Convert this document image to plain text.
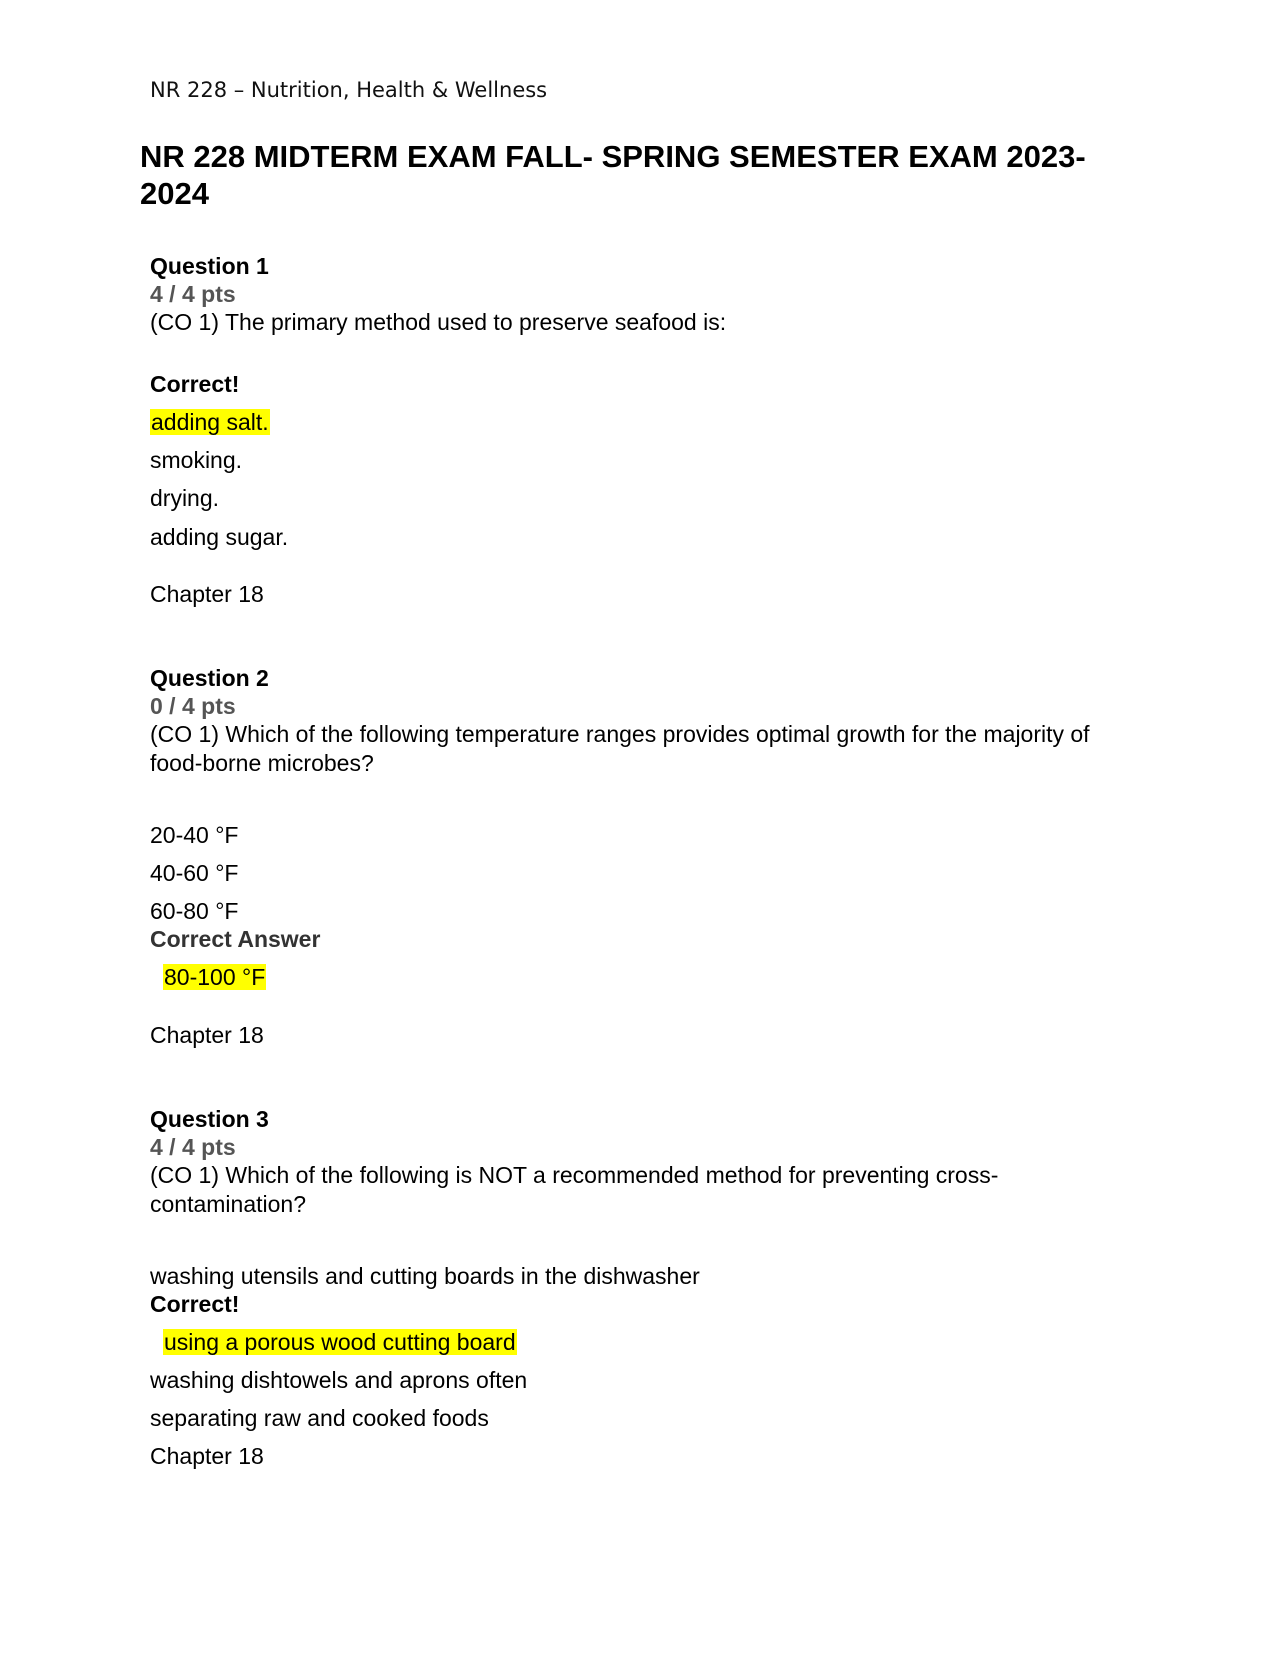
NR 228 – Nutrition, Health & Wellness
NR 228 MIDTERM EXAM FALL- SPRING SEMESTER EXAM 2023-2024
Question 1
4 / 4 pts
(CO 1) The primary method used to preserve seafood is:
Correct!
adding salt.
smoking.
drying.
adding sugar.
Chapter 18
Question 2
0 / 4 pts
(CO 1) Which of the following temperature ranges provides optimal growth for the majority of food-borne microbes?
20-40 °F
40-60 °F
60-80 °F
Correct Answer
80-100 °F
Chapter 18
Question 3
4 / 4 pts
(CO 1) Which of the following is NOT a recommended method for preventing cross-contamination?
washing utensils and cutting boards in the dishwasher
Correct!
using a porous wood cutting board
washing dishtowels and aprons often
separating raw and cooked foods
Chapter 18
